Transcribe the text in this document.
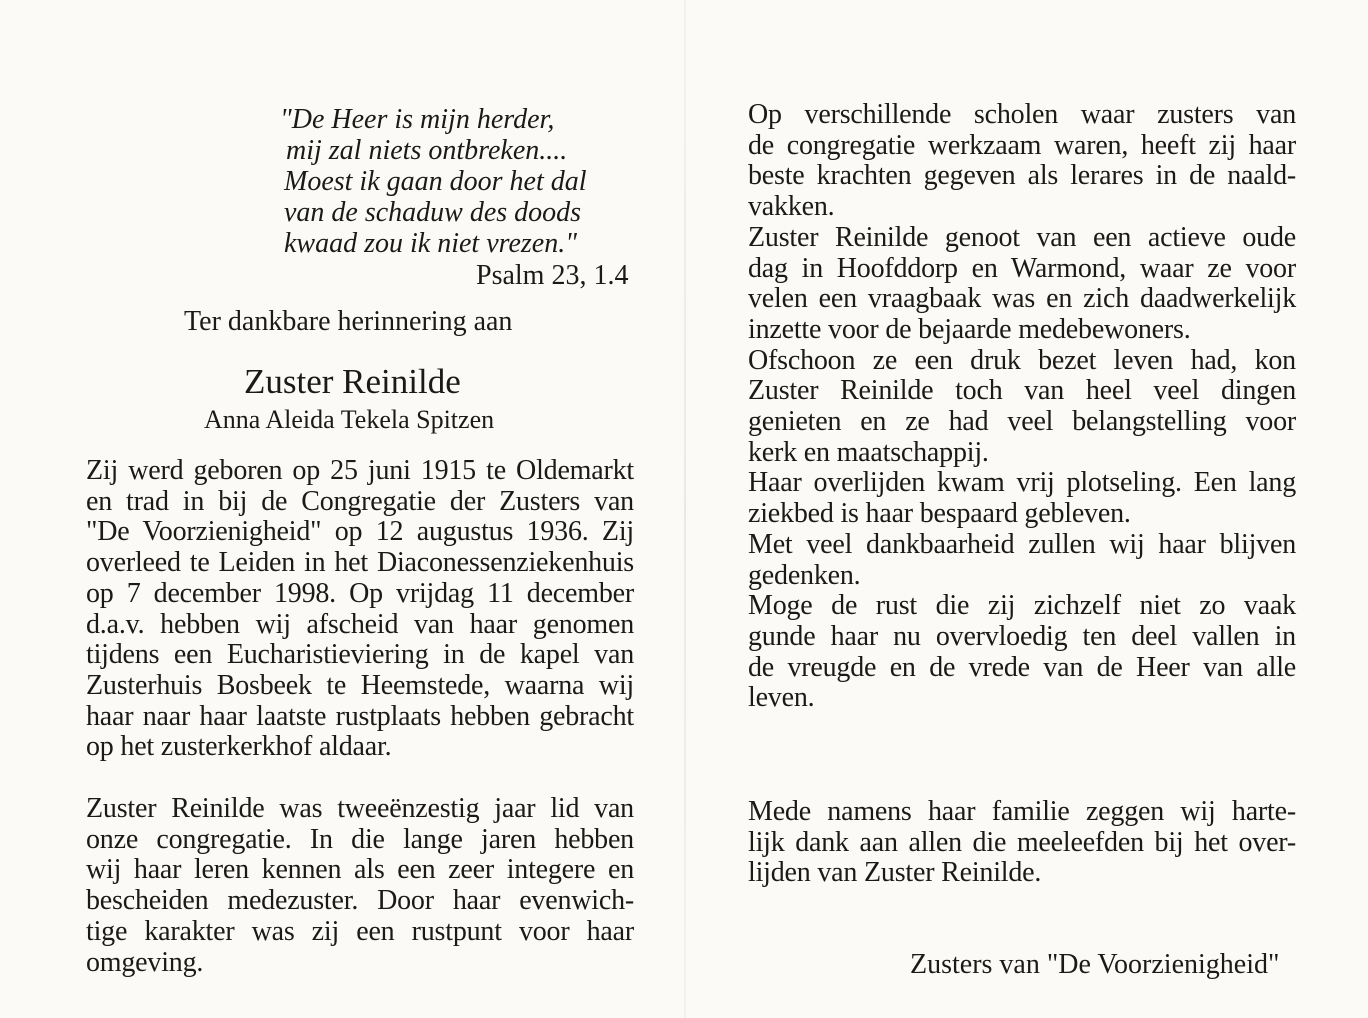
"De Heer is mijn herder,
mij zal niets ontbreken....
Moest ik gaan door het dal
van de schaduw des doods
kwaad zou ik niet vrezen."
Psalm 23, 1.4
Ter dankbare herinnering aan
Zuster Reinilde
Anna Aleida Tekela Spitzen
Zij werd geboren op 25 juni 1915 te Oldemarkt
en trad in bij de Congregatie der Zusters van
"De Voorzienigheid" op 12 augustus 1936. Zij
overleed te Leiden in het Diaconessenziekenhuis
op 7 december 1998. Op vrijdag 11 december
d.a.v. hebben wij afscheid van haar genomen
tijdens een Eucharistieviering in de kapel van
Zusterhuis Bosbeek te Heemstede, waarna wij
haar naar haar laatste rustplaats hebben gebracht
op het zusterkerkhof aldaar.
Zuster Reinilde was tweeënzestig jaar lid van
onze congregatie. In die lange jaren hebben
wij haar leren kennen als een zeer integere en
bescheiden medezuster. Door haar evenwich-
tige karakter was zij een rustpunt voor haar
omgeving.
Op verschillende scholen waar zusters van
de congregatie werkzaam waren, heeft zij haar
beste krachten gegeven als lerares in de naald-
vakken.
Zuster Reinilde genoot van een actieve oude
dag in Hoofddorp en Warmond, waar ze voor
velen een vraagbaak was en zich daadwerkelijk
inzette voor de bejaarde medebewoners.
Ofschoon ze een druk bezet leven had, kon
Zuster Reinilde toch van heel veel dingen
genieten en ze had veel belangstelling voor
kerk en maatschappij.
Haar overlijden kwam vrij plotseling. Een lang
ziekbed is haar bespaard gebleven.
Met veel dankbaarheid zullen wij haar blijven
gedenken.
Moge de rust die zij zichzelf niet zo vaak
gunde haar nu overvloedig ten deel vallen in
de vreugde en de vrede van de Heer van alle
leven.
Mede namens haar familie zeggen wij harte-
lijk dank aan allen die meeleefden bij het over-
lijden van Zuster Reinilde.
Zusters van "De Voorzienigheid"
